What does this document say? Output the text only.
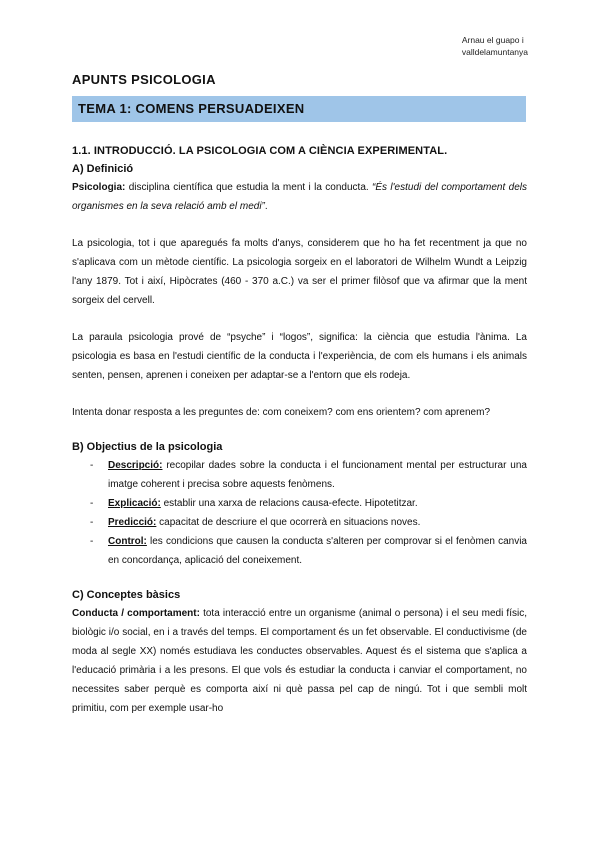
Arnau el guapo i
valldelamuntanya
APUNTS PSICOLOGIA
TEMA 1: COMENS PERSUADEIXEN
1.1. INTRODUCCIÓ. LA PSICOLOGIA COM A CIÈNCIA EXPERIMENTAL.
A) Definició

Psicologia: disciplina científica que estudia la ment i la conducta. “És l'estudi del comportament dels organismes en la seva relació amb el medi”.

La psicologia, tot i que aparegués fa molts d'anys, considerem que ho ha fet recentment ja que no s'aplicava com un mètode científic. La psicologia sorgeix en el laboratori de Wilhelm Wundt a Leipzig l'any 1879. Tot i així, Hipòcrates (460 - 370 a.C.) va ser el primer filòsof que va afirmar que la ment sorgeix del cervell.

La paraula psicologia prové de “psyche” i “logos”, significa: la ciència que estudia l'ànima. La psicologia es basa en l'estudi científic de la conducta i l'experiència, de com els humans i els animals senten, pensen, aprenen i coneixen per adaptar-se a l'entorn que els rodeja.

Intenta donar resposta a les preguntes de: com coneixem? com ens orientem? com aprenem?

B) Objectius de la psicologia
- Descripció: recopilar dades sobre la conducta i el funcionament mental per estructurar una imatge coherent i precisa sobre aquests fenòmens.
- Explicació: establir una xarxa de relacions causa-efecte. Hipotetitzar.
- Predicció: capacitat de descriure el que ocorrerà en situacions noves.
- Control: les condicions que causen la conducta s'alteren per comprovar si el fenòmen canvia en concordança, aplicació del coneixement.
C) Conceptes bàsics

Conducta / comportament: tota interacció entre un organisme (animal o persona) i el seu medi físic, biològic i/o social, en i a través del temps. El comportament és un fet observable. El conductivisme (de moda al segle XX) només estudiava les conductes observables. Aquest és el sistema que s'aplica a l'educació primària i a les presons. El que vols és estudiar la conducta i canviar el comportament, no necessites saber perquè es comporta així ni què passa pel cap de ningú. Tot i que sembli molt primitiu, com per exemple usar-ho
